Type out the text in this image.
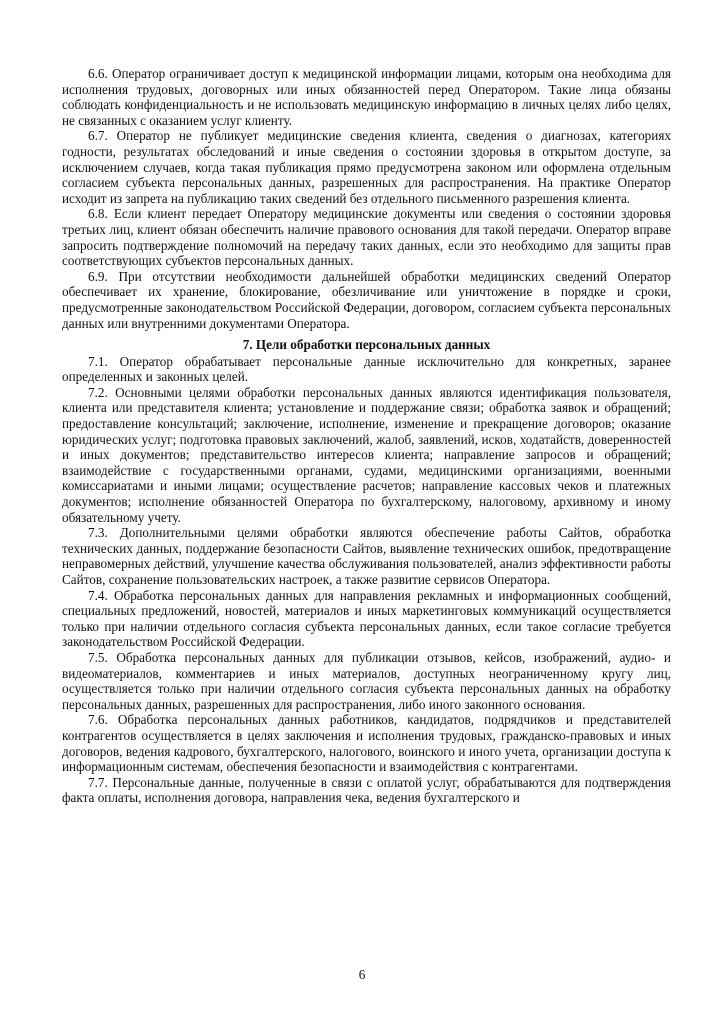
6.6. Оператор ограничивает доступ к медицинской информации лицами, которым она необходима для исполнения трудовых, договорных или иных обязанностей перед Оператором. Такие лица обязаны соблюдать конфиденциальность и не использовать медицинскую информацию в личных целях либо целях, не связанных с оказанием услуг клиенту.

6.7. Оператор не публикует медицинские сведения клиента, сведения о диагнозах, категориях годности, результатах обследований и иные сведения о состоянии здоровья в открытом доступе, за исключением случаев, когда такая публикация прямо предусмотрена законом или оформлена отдельным согласием субъекта персональных данных, разрешенных для распространения. На практике Оператор исходит из запрета на публикацию таких сведений без отдельного письменного разрешения клиента.

6.8. Если клиент передает Оператору медицинские документы или сведения о состоянии здоровья третьих лиц, клиент обязан обеспечить наличие правового основания для такой передачи. Оператор вправе запросить подтверждение полномочий на передачу таких данных, если это необходимо для защиты прав соответствующих субъектов персональных данных.

6.9. При отсутствии необходимости дальнейшей обработки медицинских сведений Оператор обеспечивает их хранение, блокирование, обезличивание или уничтожение в порядке и сроки, предусмотренные законодательством Российской Федерации, договором, согласием субъекта персональных данных или внутренними документами Оператора.

7. Цели обработки персональных данных

7.1. Оператор обрабатывает персональные данные исключительно для конкретных, заранее определенных и законных целей.

7.2. Основными целями обработки персональных данных являются идентификация пользователя, клиента или представителя клиента; установление и поддержание связи; обработка заявок и обращений; предоставление консультаций; заключение, исполнение, изменение и прекращение договоров; оказание юридических услуг; подготовка правовых заключений, жалоб, заявлений, исков, ходатайств, доверенностей и иных документов; представительство интересов клиента; направление запросов и обращений; взаимодействие с государственными органами, судами, медицинскими организациями, военными комиссариатами и иными лицами; осуществление расчетов; направление кассовых чеков и платежных документов; исполнение обязанностей Оператора по бухгалтерскому, налоговому, архивному и иному обязательному учету.

7.3. Дополнительными целями обработки являются обеспечение работы Сайтов, обработка технических данных, поддержание безопасности Сайтов, выявление технических ошибок, предотвращение неправомерных действий, улучшение качества обслуживания пользователей, анализ эффективности работы Сайтов, сохранение пользовательских настроек, а также развитие сервисов Оператора.

7.4. Обработка персональных данных для направления рекламных и информационных сообщений, специальных предложений, новостей, материалов и иных маркетинговых коммуникаций осуществляется только при наличии отдельного согласия субъекта персональных данных, если такое согласие требуется законодательством Российской Федерации.

7.5. Обработка персональных данных для публикации отзывов, кейсов, изображений, аудио- и видеоматериалов, комментариев и иных материалов, доступных неограниченному кругу лиц, осуществляется только при наличии отдельного согласия субъекта персональных данных на обработку персональных данных, разрешенных для распространения, либо иного законного основания.

7.6. Обработка персональных данных работников, кандидатов, подрядчиков и представителей контрагентов осуществляется в целях заключения и исполнения трудовых, гражданско-правовых и иных договоров, ведения кадрового, бухгалтерского, налогового, воинского и иного учета, организации доступа к информационным системам, обеспечения безопасности и взаимодействия с контрагентами.

7.7. Персональные данные, полученные в связи с оплатой услуг, обрабатываются для подтверждения факта оплаты, исполнения договора, направления чека, ведения бухгалтерского и

6
